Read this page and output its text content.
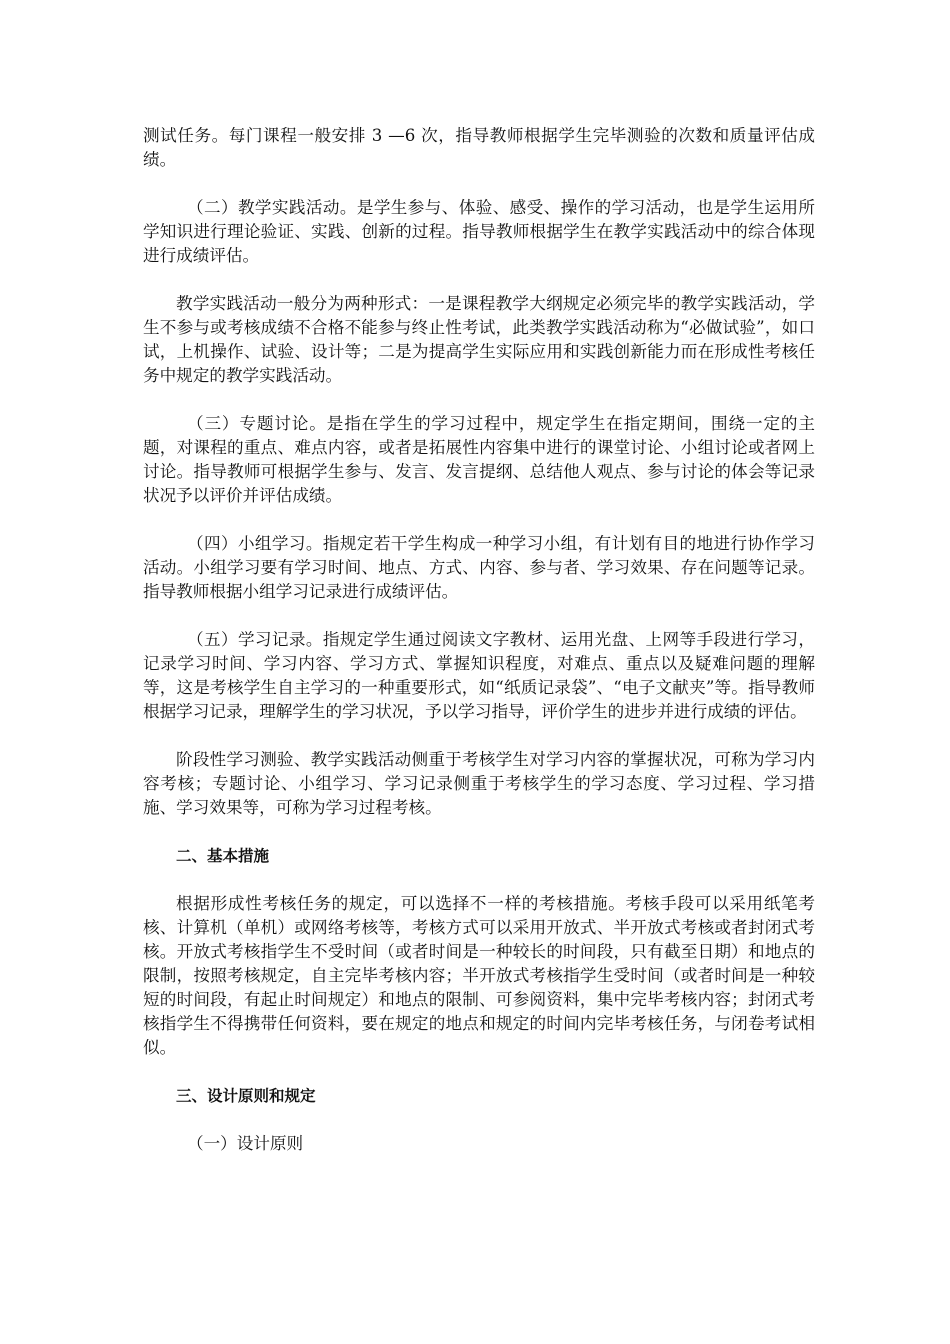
测试任务。每门课程一般安排 3 —6 次，指导教师根据学生完毕测验的次数和质量评估成绩。

（二）教学实践活动。是学生参与、体验、感受、操作的学习活动，也是学生运用所学知识进行理论验证、实践、创新的过程。指导教师根据学生在教学实践活动中的综合体现进行成绩评估。

教学实践活动一般分为两种形式：一是课程教学大纲规定必须完毕的教学实践活动，学生不参与或考核成绩不合格不能参与终止性考试，此类教学实践活动称为“必做试验”，如口试，上机操作、试验、设计等；二是为提高学生实际应用和实践创新能力而在形成性考核任务中规定的教学实践活动。

（三）专题讨论。是指在学生的学习过程中，规定学生在指定期间，围绕一定的主题，对课程的重点、难点内容，或者是拓展性内容集中进行的课堂讨论、小组讨论或者网上讨论。指导教师可根据学生参与、发言、发言提纲、总结他人观点、参与讨论的体会等记录状况予以评价并评估成绩。

（四）小组学习。指规定若干学生构成一种学习小组，有计划有目的地进行协作学习活动。小组学习要有学习时间、地点、方式、内容、参与者、学习效果、存在问题等记录。指导教师根据小组学习记录进行成绩评估。

（五）学习记录。指规定学生通过阅读文字教材、运用光盘、上网等手段进行学习，记录学习时间、学习内容、学习方式、掌握知识程度，对难点、重点以及疑难问题的理解等，这是考核学生自主学习的一种重要形式，如“纸质记录袋”、“电子文献夹”等。指导教师根据学习记录，理解学生的学习状况，予以学习指导，评价学生的进步并进行成绩的评估。

阶段性学习测验、教学实践活动侧重于考核学生对学习内容的掌握状况，可称为学习内容考核；专题讨论、小组学习、学习记录侧重于考核学生的学习态度、学习过程、学习措施、学习效果等，可称为学习过程考核。

二、基本措施

根据形成性考核任务的规定，可以选择不一样的考核措施。考核手段可以采用纸笔考核、计算机（单机）或网络考核等，考核方式可以采用开放式、半开放式考核或者封闭式考核。开放式考核指学生不受时间（或者时间是一种较长的时间段，只有截至日期）和地点的限制，按照考核规定，自主完毕考核内容；半开放式考核指学生受时间（或者时间是一种较短的时间段，有起止时间规定）和地点的限制、可参阅资料，集中完毕考核内容；封闭式考核指学生不得携带任何资料，要在规定的地点和规定的时间内完毕考核任务，与闭卷考试相似。

三、设计原则和规定

（一）设计原则
